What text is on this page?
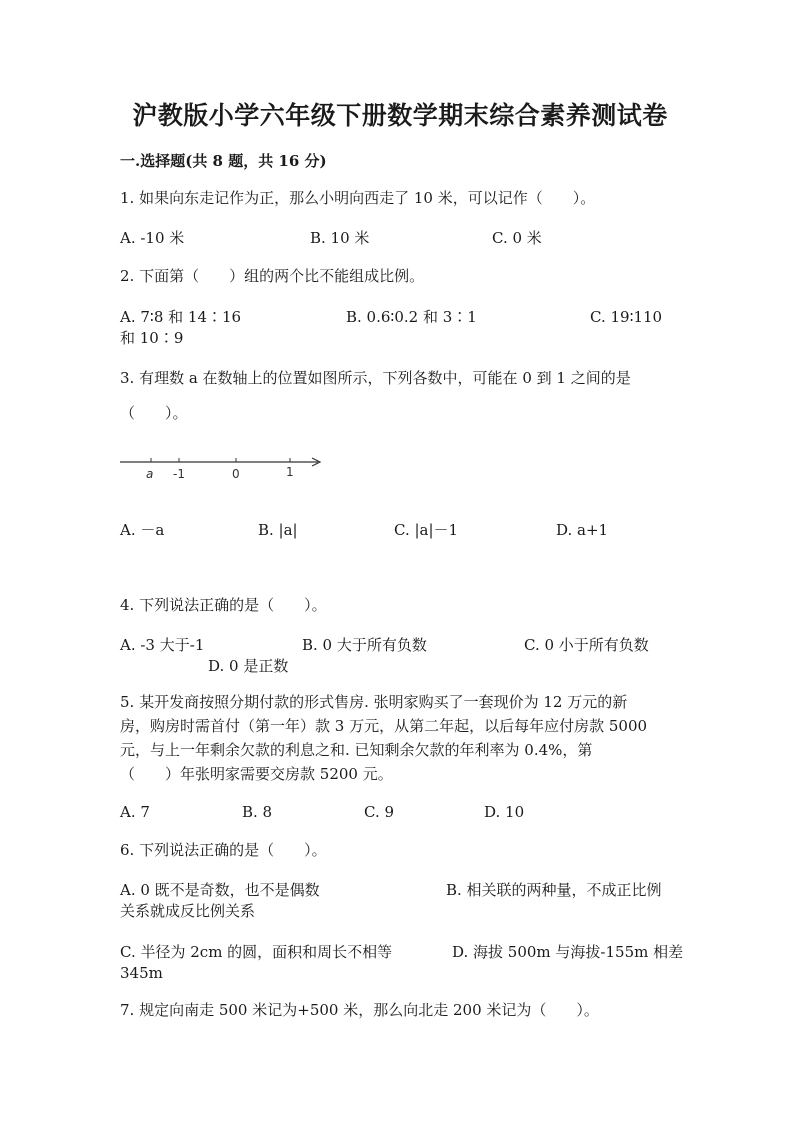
沪教版小学六年级下册数学期末综合素养测试卷
一.选择题(共 8 题，共 16 分)
1. 如果向东走记作为正，那么小明向西走了 10 米，可以记作（　　）。
A. -10 米	B. 10 米	C. 0 米
2. 下面第（　　）组的两个比不能组成比例。
A. 7∶8 和 14∶16	B. 0.6∶0.2 和 3∶1	C. 19∶110
和 10∶9
3. 有理数 a 在数轴上的位置如图所示，下列各数中，可能在 0 到 1 之间的是
（　　）。
a -1	0	1
A. －a	B. |a|	C. |a|－1	D. a+1
4. 下列说法正确的是（　　）。
A. -3 大于-1	B. 0 大于所有负数	C. 0 小于所有负数
D. 0 是正数
5. 某开发商按照分期付款的形式售房. 张明家购买了一套现价为 12 万元的新
房，购房时需首付（第一年）款 3 万元，从第二年起，以后每年应付房款 5000
元，与上一年剩余欠款的利息之和. 已知剩余欠款的年利率为 0.4%，第
（　　）年张明家需要交房款 5200 元。
A. 7	B. 8	C. 9	D. 10
6. 下列说法正确的是（　　）。
A. 0 既不是奇数，也不是偶数	B. 相关联的两种量，不成正比例
关系就成反比例关系
C. 半径为 2cm 的圆，面积和周长不相等	D. 海拔 500m 与海拔-155m 相差
345m
7. 规定向南走 500 米记为+500 米，那么向北走 200 米记为（　　）。
